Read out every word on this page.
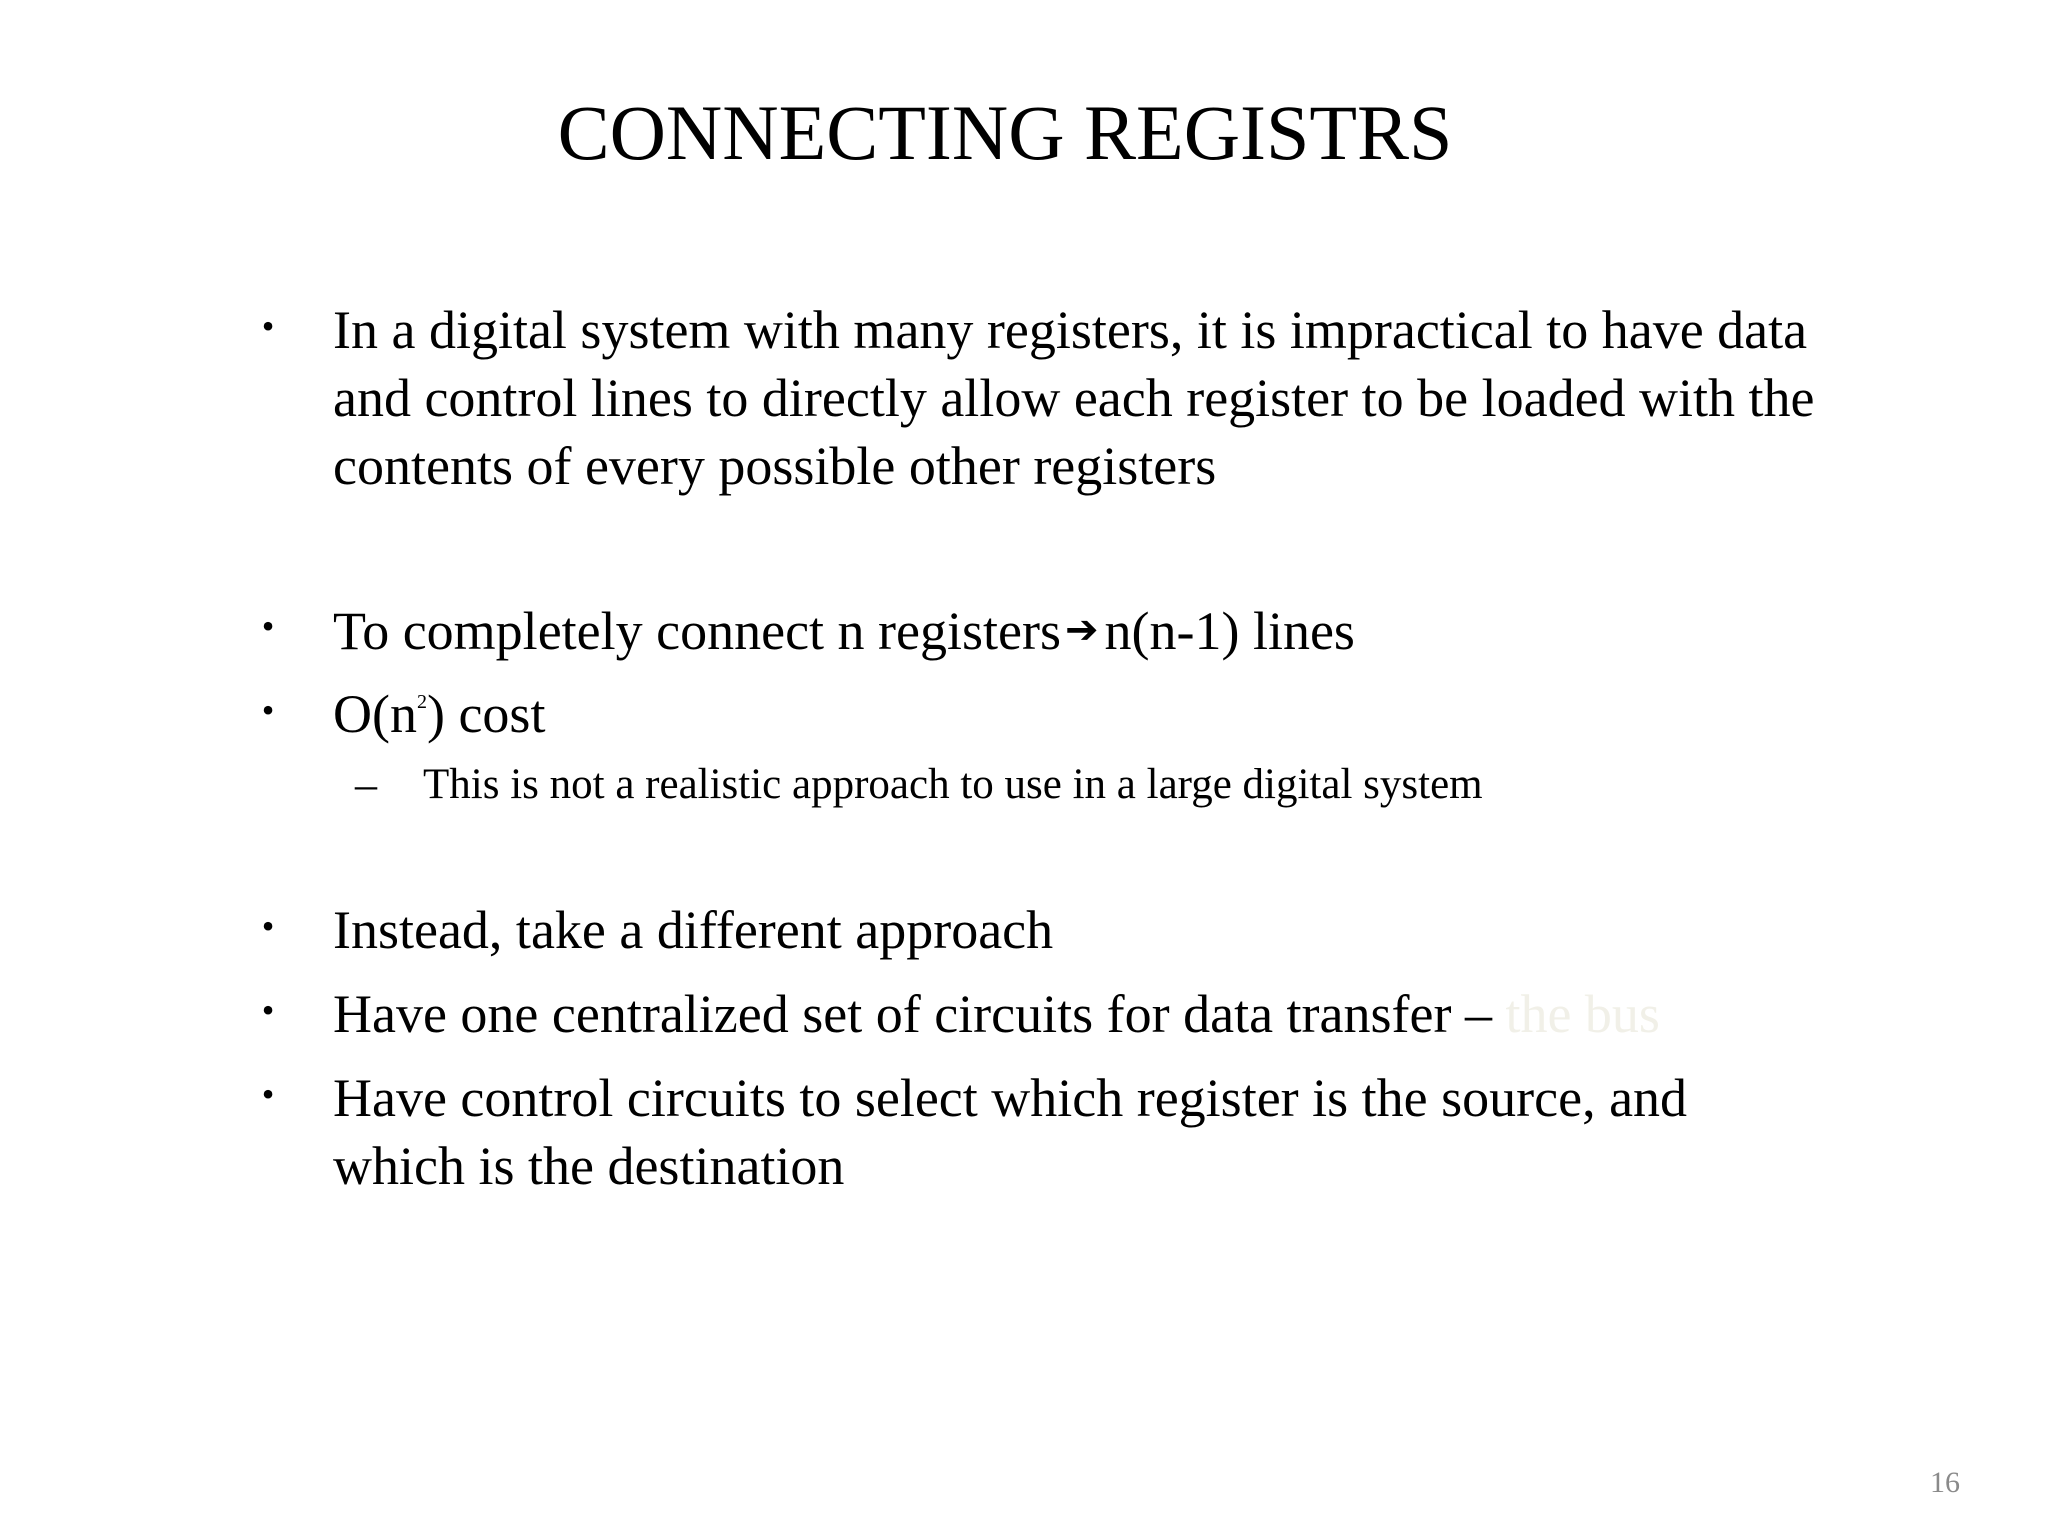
CONNECTING REGISTRS
• In a digital system with many registers, it is impractical to have data
and control lines to directly allow each register to be loaded with the
contents of every possible other registers
• To completely connect n registers ➔ n(n-1) lines
• $O(n^2)$ cost
– This is not a realistic approach to use in a large digital system
• Instead, take a different approach
• Have one centralized set of circuits for data transfer – the bus
• Have control circuits to select which register is the source, and
which is the destination
16
